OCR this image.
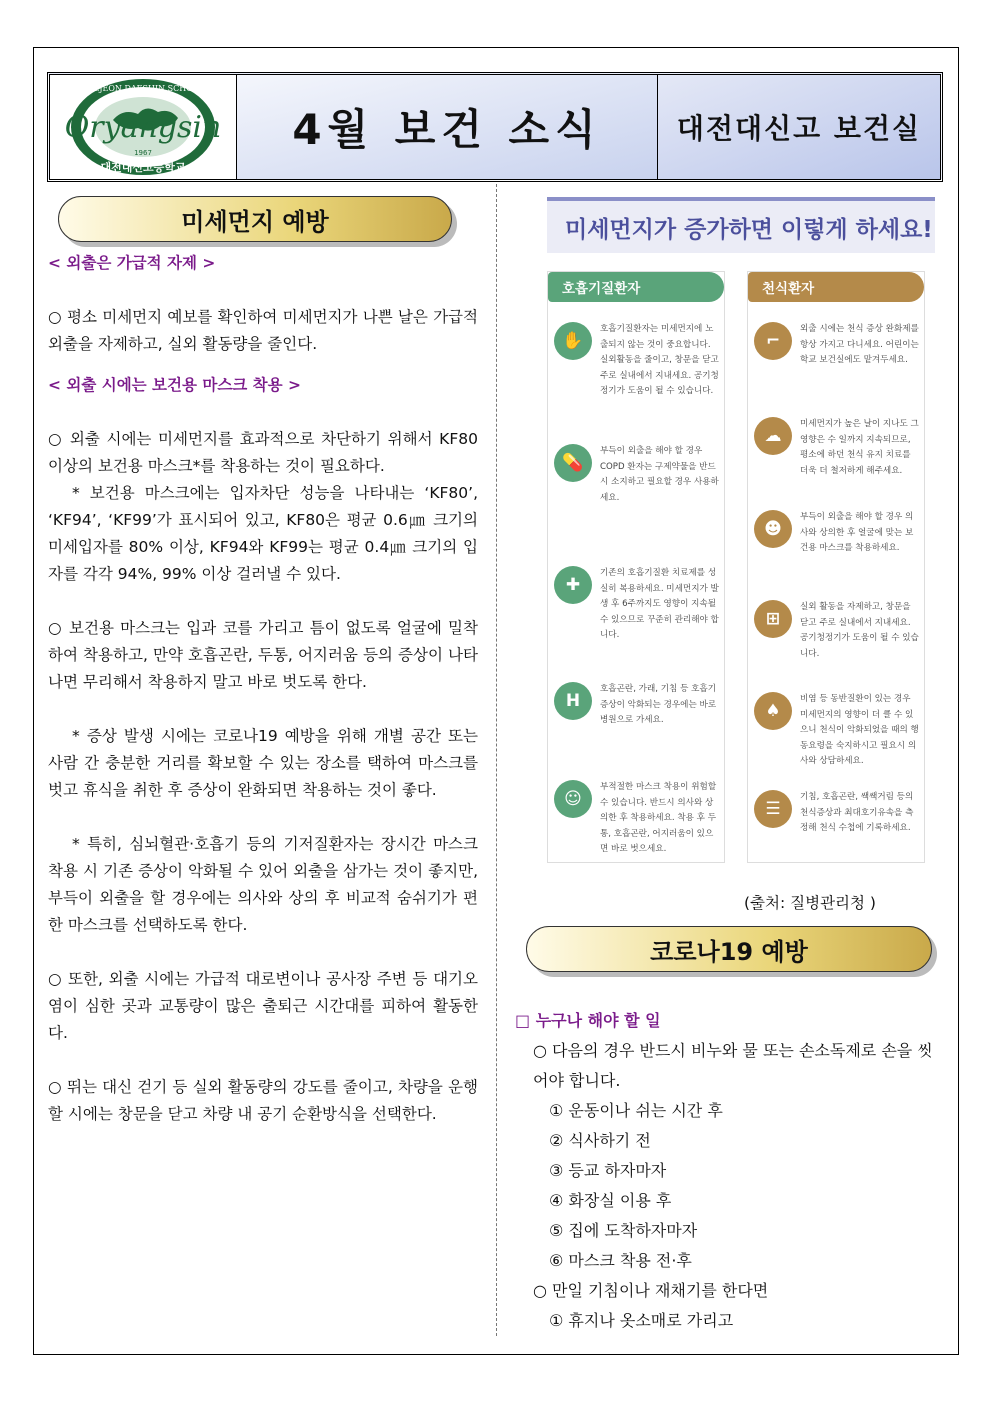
DAEJEON DAESHIN SCHOOL
Oryangsin
1967
대전대신고등학교
4월 보건 소식	대전대신고 보건실
미세먼지 예방

< 외출은 가급적 자제 >

○ 평소 미세먼지 예보를 확인하여 미세먼지가 나쁜 날은 가급적 외출을 자제하고, 실외 활동량을 줄인다.

< 외출 시에는 보건용 마스크 착용 >

○ 외출 시에는 미세먼지를 효과적으로 차단하기 위해서 KF80 이상의 보건용 마스크*를 착용하는 것이 필요하다.

* 보건용 마스크에는 입자차단 성능을 나타내는 ‘KF80’, ‘KF94’, ‘KF99’가 표시되어 있고, KF80은 평균 0.6㎛ 크기의 미세입자를 80% 이상, KF94와 KF99는 평균 0.4㎛ 크기의 입자를 각각 94%, 99% 이상 걸러낼 수 있다.

○ 보건용 마스크는 입과 코를 가리고 틈이 없도록 얼굴에 밀착하여 착용하고, 만약 호흡곤란, 두통, 어지러움 등의 증상이 나타나면 무리해서 착용하지 말고 바로 벗도록 한다.

* 증상 발생 시에는 코로나19 예방을 위해 개별 공간 또는 사람 간 충분한 거리를 확보할 수 있는 장소를 택하여 마스크를 벗고 휴식을 취한 후 증상이 완화되면 착용하는 것이 좋다.

* 특히, 심뇌혈관·호흡기 등의 기저질환자는 장시간 마스크 착용 시 기존 증상이 악화될 수 있어 외출을 삼가는 것이 좋지만, 부득이 외출을 할 경우에는 의사와 상의 후 비교적 숨쉬기가 편한 마스크를 선택하도록 한다.

○ 또한, 외출 시에는 가급적 대로변이나 공사장 주변 등 대기오염이 심한 곳과 교통량이 많은 출퇴근 시간대를 피하여 활동한다.

○ 뛰는 대신 걷기 등 실외 활동량의 강도를 줄이고, 차량을 운행할 시에는 창문을 닫고 차량 내 공기 순환방식을 선택한다.

미세먼지가 증가하면 이렇게 하세요!
호흡기질환자
✋
호흡기질환자는 미세먼지에 노출되지 않는 것이 중요합니다. 실외활동을 줄이고, 창문을 닫고 주로 실내에서 지내세요. 공기청정기가 도움이 될 수 있습니다.
💊
부득이 외출을 해야 할 경우 COPD 환자는 구제약물을 반드시 소지하고 필요할 경우 사용하세요.
✚
기존의 호흡기질환 치료제를 성실히 복용하세요. 미세먼지가 발생 후 6주까지도 영향이 지속될 수 있으므로 꾸준히 관리해야 합니다.
H
호흡곤란, 가래, 기침 등 호흡기 증상이 악화되는 경우에는 바로 병원으로 가세요.
☺
부적절한 마스크 착용이 위험할 수 있습니다. 반드시 의사와 상의한 후 착용하세요. 착용 후 두통, 호흡곤란, 어지러움이 있으면 바로 벗으세요.
천식환자
⌐
외출 시에는 천식 증상 완화제를 항상 가지고 다니세요. 어린이는 학교 보건실에도 맡겨두세요.
☁
미세먼지가 높은 날이 지나도 그 영향은 수 일까지 지속되므로, 평소에 하던 천식 유지 치료를 더욱 더 철저하게 해주세요.
☻
부득이 외출을 해야 할 경우 의사와 상의한 후 얼굴에 맞는 보건용 마스크를 착용하세요.
⊞
실외 활동을 자제하고, 창문을 닫고 주로 실내에서 지내세요. 공기청정기가 도움이 될 수 있습니다.
♠
비염 등 동반질환이 있는 경우 미세먼지의 영향이 더 클 수 있으니 천식이 악화되었을 때의 행동요령을 숙지하시고 필요시 의사와 상담하세요.
☰
기침, 호흡곤란, 쌕쌕거림 등의 천식증상과 최대호기유속을 측정해 천식 수첩에 기록하세요.
(출처: 질병관리청 )
코로나19 예방

□ 누구나 해야 할 일

○ 다음의 경우 반드시 비누와 물 또는 손소독제로 손을 씻어야 합니다.

① 운동이나 쉬는 시간 후

② 식사하기 전

③ 등교 하자마자

④ 화장실 이용 후

⑤ 집에 도착하자마자

⑥ 마스크 착용 전·후

○ 만일 기침이나 재채기를 한다면

① 휴지나 옷소매로 가리고
